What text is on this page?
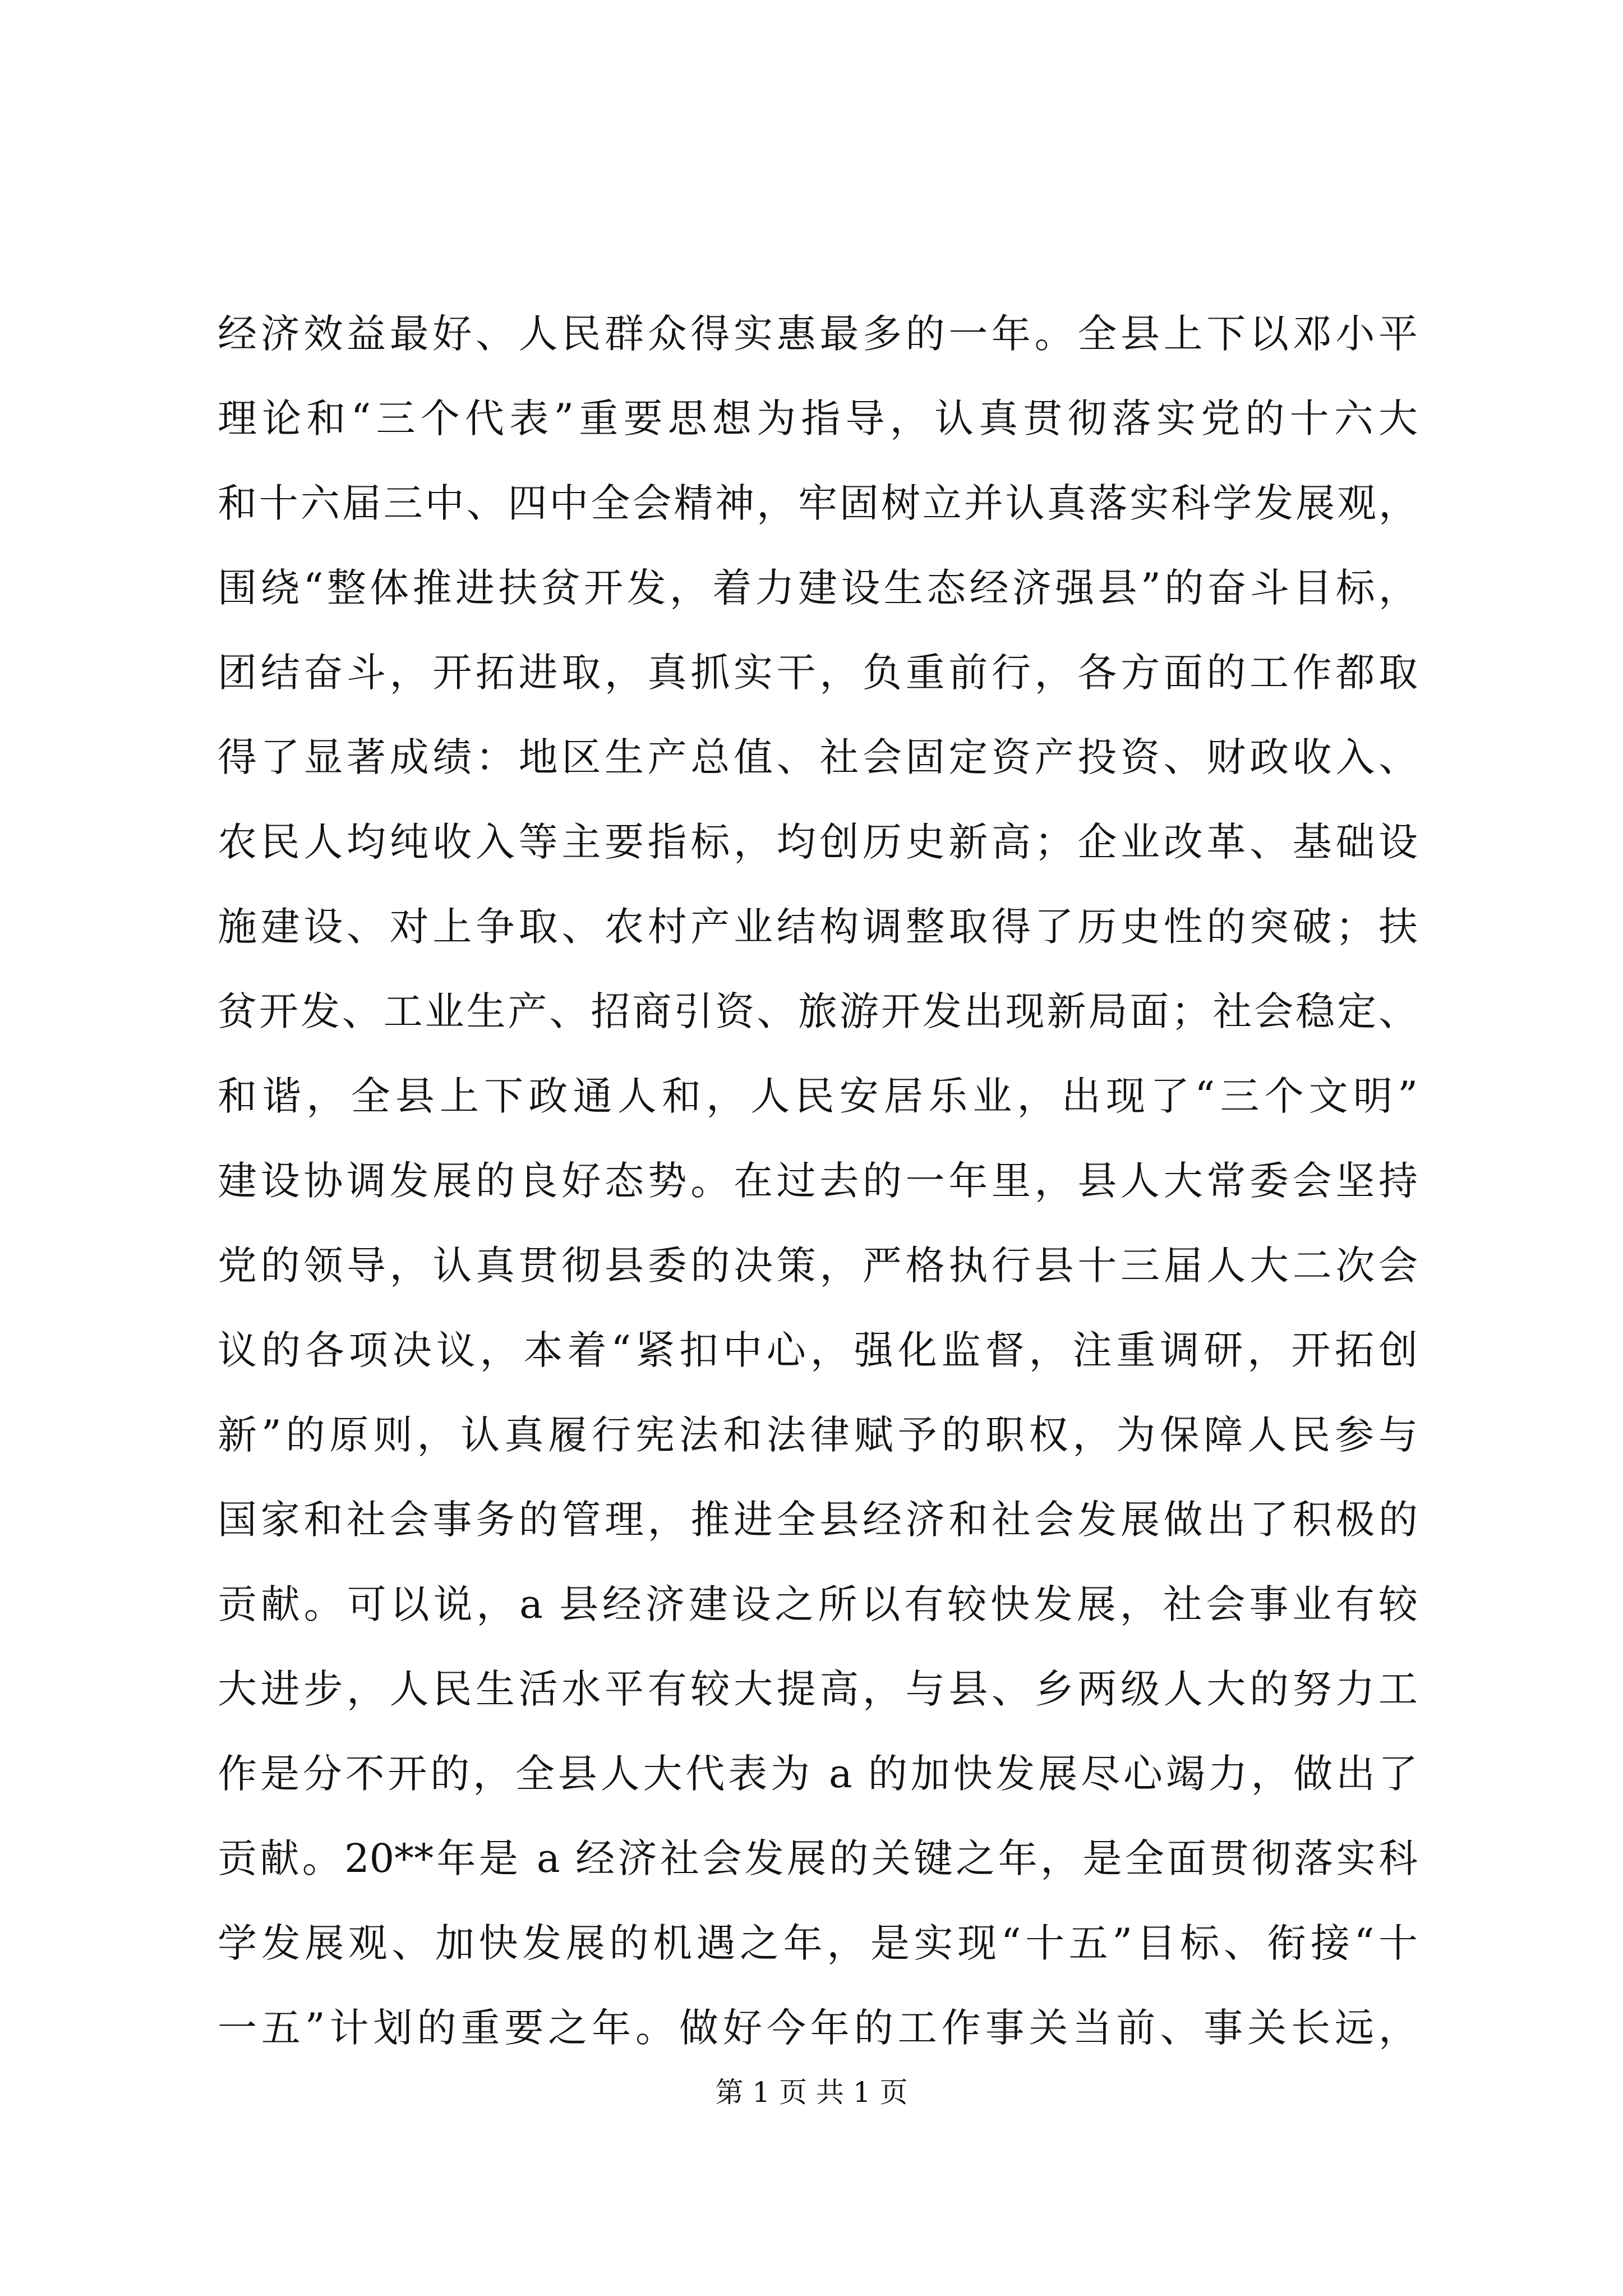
经济效益最好、人民群众得实惠最多的一年。全县上下以邓小平
理论和“三个代表”重要思想为指导，认真贯彻落实党的十六大
和十六届三中、四中全会精神，牢固树立并认真落实科学发展观，
围绕“整体推进扶贫开发，着力建设生态经济强县”的奋斗目标，
团结奋斗，开拓进取，真抓实干，负重前行，各方面的工作都取
得了显著成绩：地区生产总值、社会固定资产投资、财政收入、
农民人均纯收入等主要指标，均创历史新高；企业改革、基础设
施建设、对上争取、农村产业结构调整取得了历史性的突破；扶
贫开发、工业生产、招商引资、旅游开发出现新局面；社会稳定、
和谐，全县上下政通人和，人民安居乐业，出现了“三个文明”
建设协调发展的良好态势。在过去的一年里，县人大常委会坚持
党的领导，认真贯彻县委的决策，严格执行县十三届人大二次会
议的各项决议，本着“紧扣中心，强化监督，注重调研，开拓创
新”的原则，认真履行宪法和法律赋予的职权，为保障人民参与
国家和社会事务的管理，推进全县经济和社会发展做出了积极的
贡献。可以说，a 县经济建设之所以有较快发展，社会事业有较
大进步，人民生活水平有较大提高，与县、乡两级人大的努力工
作是分不开的，全县人大代表为 a 的加快发展尽心竭力，做出了
贡献。20**年是 a 经济社会发展的关键之年，是全面贯彻落实科
学发展观、加快发展的机遇之年，是实现“十五”目标、衔接“十
一五”计划的重要之年。做好今年的工作事关当前、事关长远，
第 1 页 共 1 页
